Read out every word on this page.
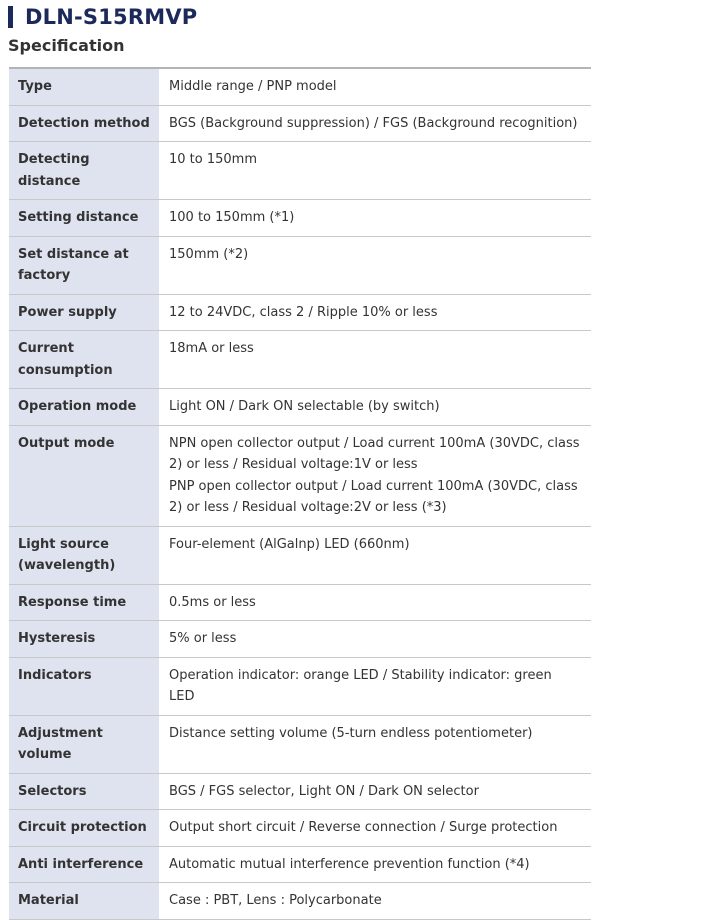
DLN-S15RMVP
Specification
Type	Middle range / PNP model
Detection method	BGS (Background suppression) / FGS (Background recognition)
Detecting distance	10 to 150mm
Setting distance	100 to 150mm (*1)
Set distance at factory	150mm (*2)
Power supply	12 to 24VDC, class 2 / Ripple 10% or less
Current consumption	18mA or less
Operation mode	Light ON / Dark ON selectable (by switch)
Output mode	NPN open collector output / Load current 100mA (30VDC, class 2) or less / Residual voltage:1V or less
PNP open collector output / Load current 100mA (30VDC, class 2) or less / Residual voltage:2V or less (*3)

Light source (wavelength)	Four-element (AlGalnp) LED (660nm)
Response time	0.5ms or less
Hysteresis	5% or less
Indicators	Operation indicator: orange LED / Stability indicator: green LED
Adjustment volume	Distance setting volume (5-turn endless potentiometer)
Selectors	BGS / FGS selector, Light ON / Dark ON selector
Circuit protection	Output short circuit / Reverse connection / Surge protection
Anti interference	Automatic mutual interference prevention function (*4)
Material	Case : PBT, Lens : Polycarbonate
